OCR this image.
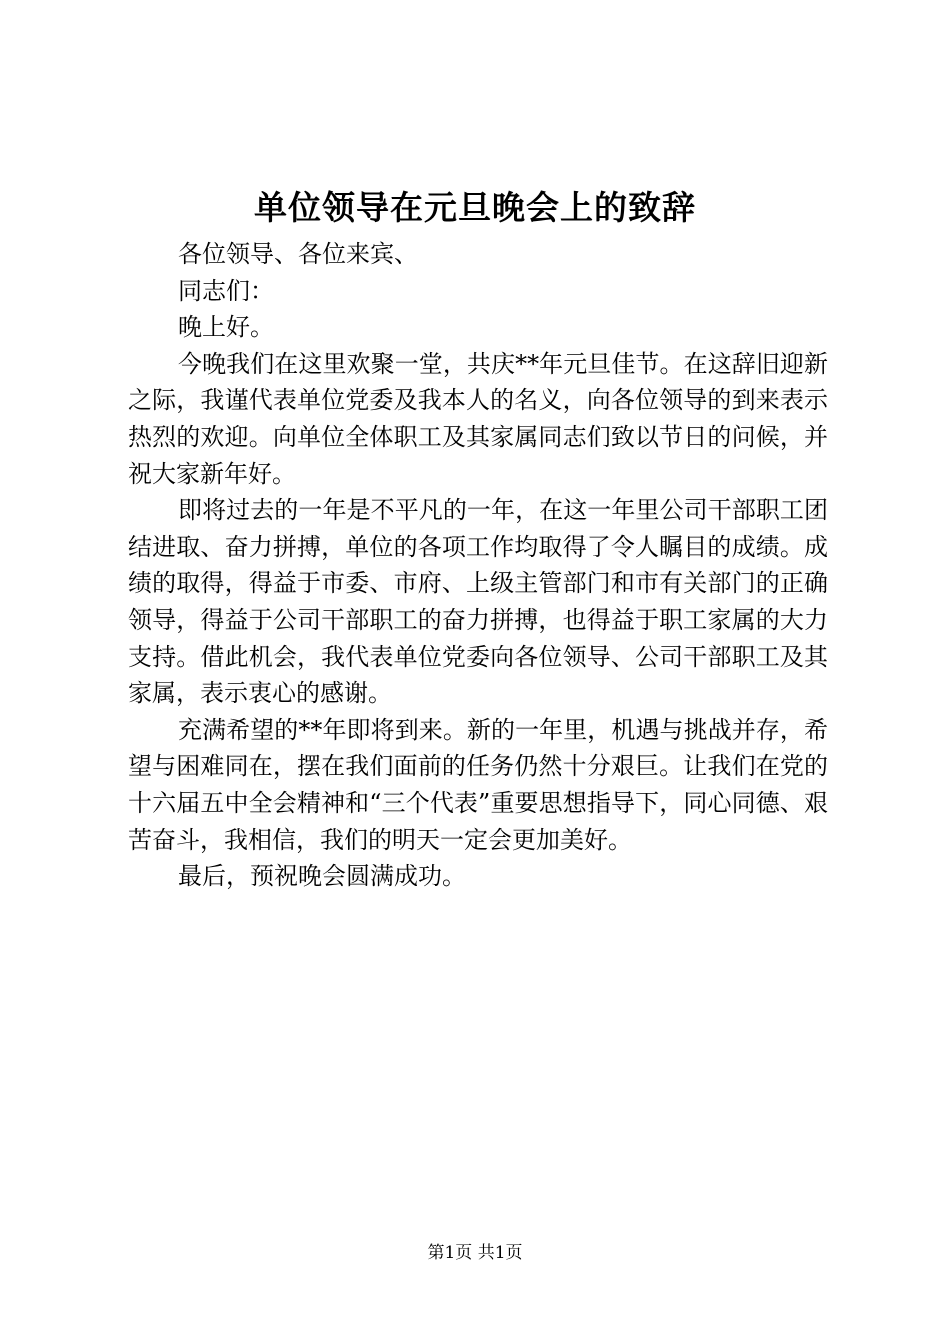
单位领导在元旦晚会上的致辞

各位领导、各位来宾、

同志们：

晚上好。

今晚我们在这里欢聚一堂，共庆**年元旦佳节。在这辞旧迎新之际，我谨代表单位党委及我本人的名义，向各位领导的到来表示热烈的欢迎。向单位全体职工及其家属同志们致以节日的问候，并祝大家新年好。

即将过去的一年是不平凡的一年，在这一年里公司干部职工团结进取、奋力拼搏，单位的各项工作均取得了令人瞩目的成绩。成绩的取得，得益于市委、市府、上级主管部门和市有关部门的正确领导，得益于公司干部职工的奋力拼搏，也得益于职工家属的大力支持。借此机会，我代表单位党委向各位领导、公司干部职工及其家属，表示衷心的感谢。

充满希望的**年即将到来。新的一年里，机遇与挑战并存，希望与困难同在，摆在我们面前的任务仍然十分艰巨。让我们在党的十六届五中全会精神和“三个代表”重要思想指导下，同心同德、艰苦奋斗，我相信，我们的明天一定会更加美好。

最后，预祝晚会圆满成功。

第1页 共1页
